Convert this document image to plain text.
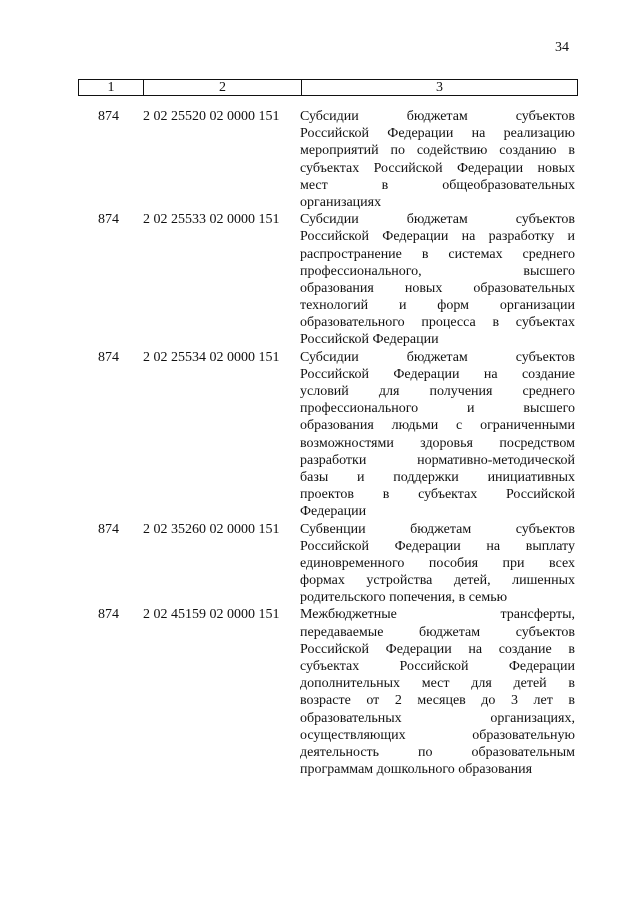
34
1	2	3
874 2 02 25520 02 0000 151 Субсидии бюджетам субъектов
Российской Федерации на реализацию
мероприятий по содействию созданию в
субъектах Российской Федерации новых
мест в общеобразовательных
организациях
874 2 02 25533 02 0000 151 Субсидии бюджетам субъектов
Российской Федерации на разработку и
распространение в системах среднего
профессионального, высшего
образования новых образовательных
технологий и форм организации
образовательного процесса в субъектах
Российской Федерации
874 2 02 25534 02 0000 151 Субсидии бюджетам субъектов
Российской Федерации на создание
условий для получения среднего
профессионального и высшего
образования людьми с ограниченными
возможностями здоровья посредством
разработки нормативно-методической
базы и поддержки инициативных
проектов в субъектах Российской
Федерации
874 2 02 35260 02 0000 151 Субвенции бюджетам субъектов
Российской Федерации на выплату
единовременного пособия при всех
формах устройства детей, лишенных
родительского попечения, в семью
874 2 02 45159 02 0000 151 Межбюджетные трансферты,
передаваемые бюджетам субъектов
Российской Федерации на создание в
субъектах Российской Федерации
дополнительных мест для детей в
возрасте от 2 месяцев до 3 лет в
образовательных организациях,
осуществляющих образовательную
деятельность по образовательным
программам дошкольного образования
